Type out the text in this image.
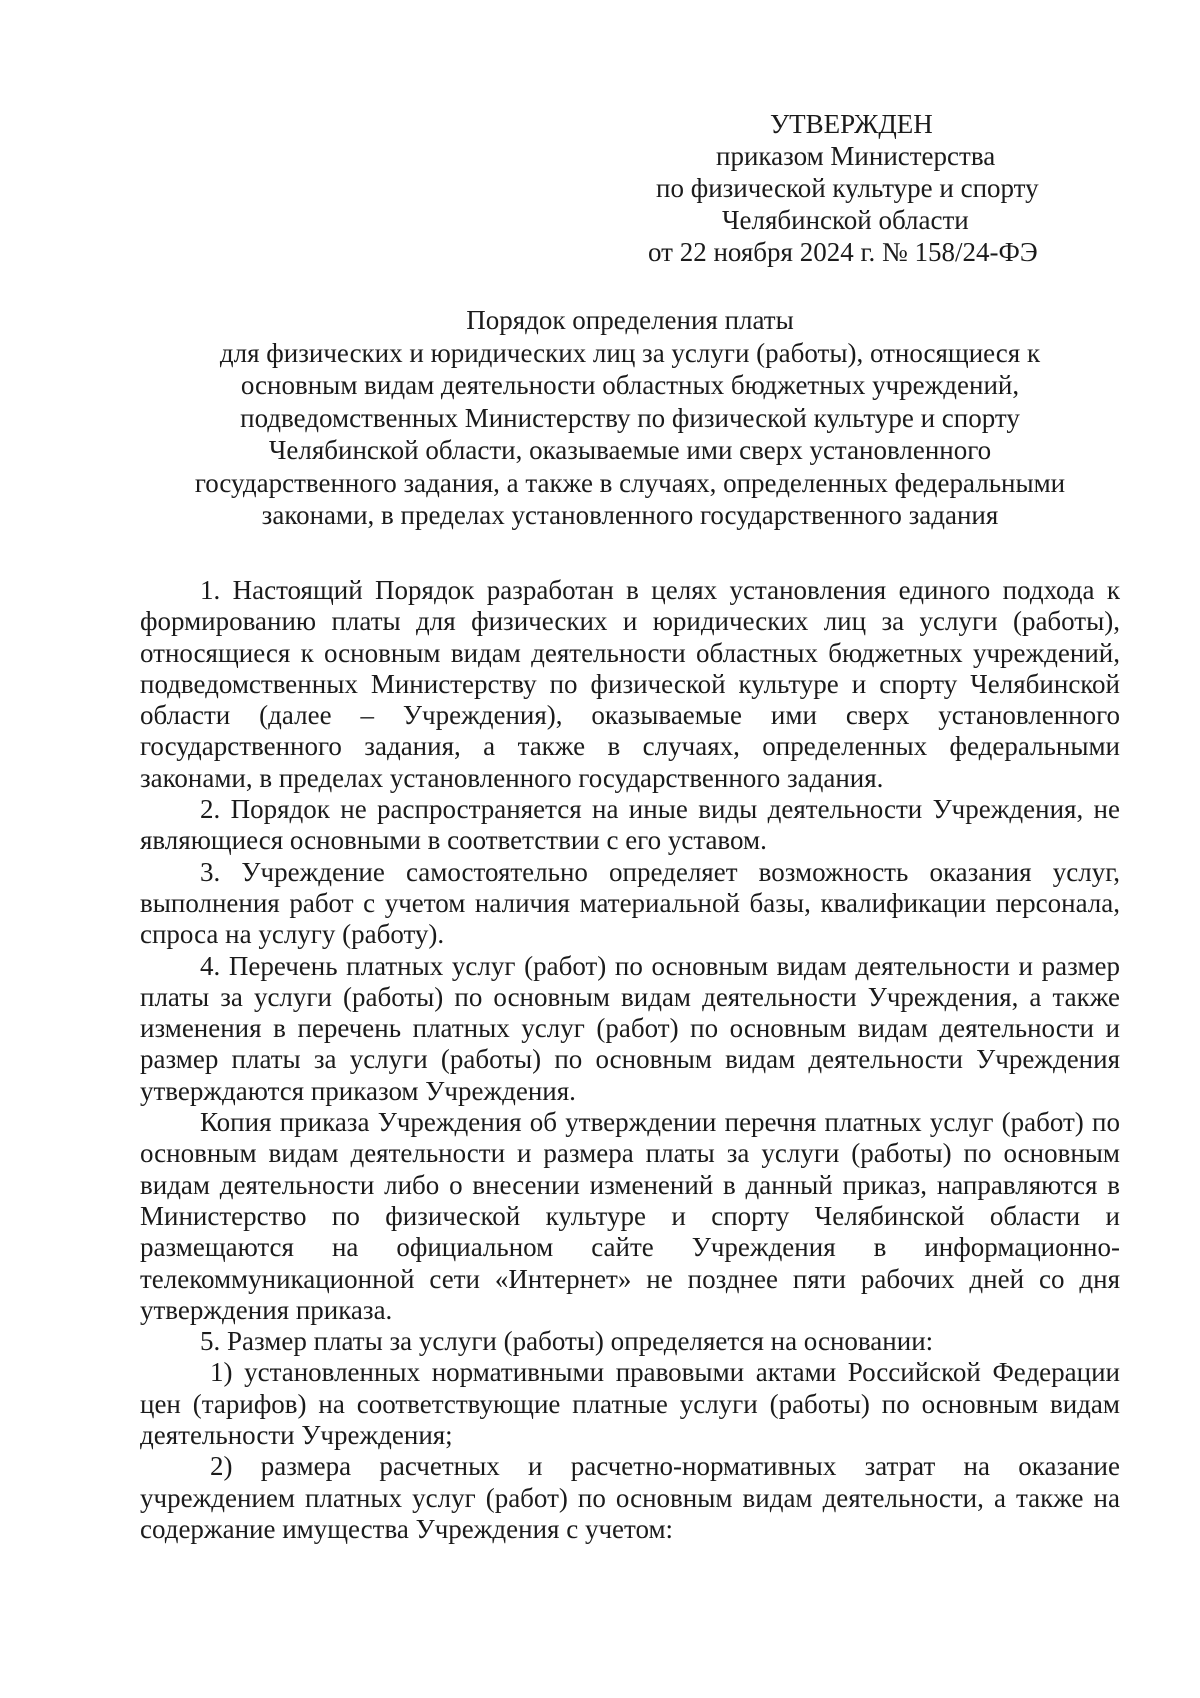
УТВЕРЖДЕН
приказом Министерства
по физической культуре и спорту
Челябинской области
от 22 ноября 2024 г. № 158/24-ФЭ
Порядок определения платы
для физических и юридических лиц за услуги (работы), относящиеся к
основным видам деятельности областных бюджетных учреждений,
подведомственных Министерству по физической культуре и спорту
Челябинской области, оказываемые ими сверх установленного
государственного задания, а также в случаях, определенных федеральными
законами, в пределах установленного государственного задания

1. Настоящий Порядок разработан в целях установления единого подхода к формированию платы для физических и юридических лиц за услуги (работы), относящиеся к основным видам деятельности областных бюджетных учреждений, подведомственных Министерству по физической культуре и спорту Челябинской области (далее – Учреждения), оказываемые ими сверх установленного государственного задания, а также в случаях, определенных федеральными законами, в пределах установленного государственного задания.

2. Порядок не распространяется на иные виды деятельности Учреждения, не являющиеся основными в соответствии с его уставом.

3. Учреждение самостоятельно определяет возможность оказания услуг, выполнения работ с учетом наличия материальной базы, квалификации персонала, спроса на услугу (работу).

4. Перечень платных услуг (работ) по основным видам деятельности и размер платы за услуги (работы) по основным видам деятельности Учреждения, а также изменения в перечень платных услуг (работ) по основным видам деятельности и размер платы за услуги (работы) по основным видам деятельности Учреждения утверждаются приказом Учреждения.

Копия приказа Учреждения об утверждении перечня платных услуг (работ) по основным видам деятельности и размера платы за услуги (работы) по основным видам деятельности либо о внесении изменений в данный приказ, направляются в Министерство по физической культуре и спорту Челябинской области и размещаются на официальном сайте Учреждения в информационно-телекоммуникационной сети «Интернет» не позднее пяти рабочих дней со дня утверждения приказа.

5. Размер платы за услуги (работы) определяется на основании:

1) установленных нормативными правовыми актами Российской Федерации цен (тарифов) на соответствующие платные услуги (работы) по основным видам деятельности Учреждения;

2) размера расчетных и расчетно-нормативных затрат на оказание учреждением платных услуг (работ) по основным видам деятельности, а также на содержание имущества Учреждения с учетом:
